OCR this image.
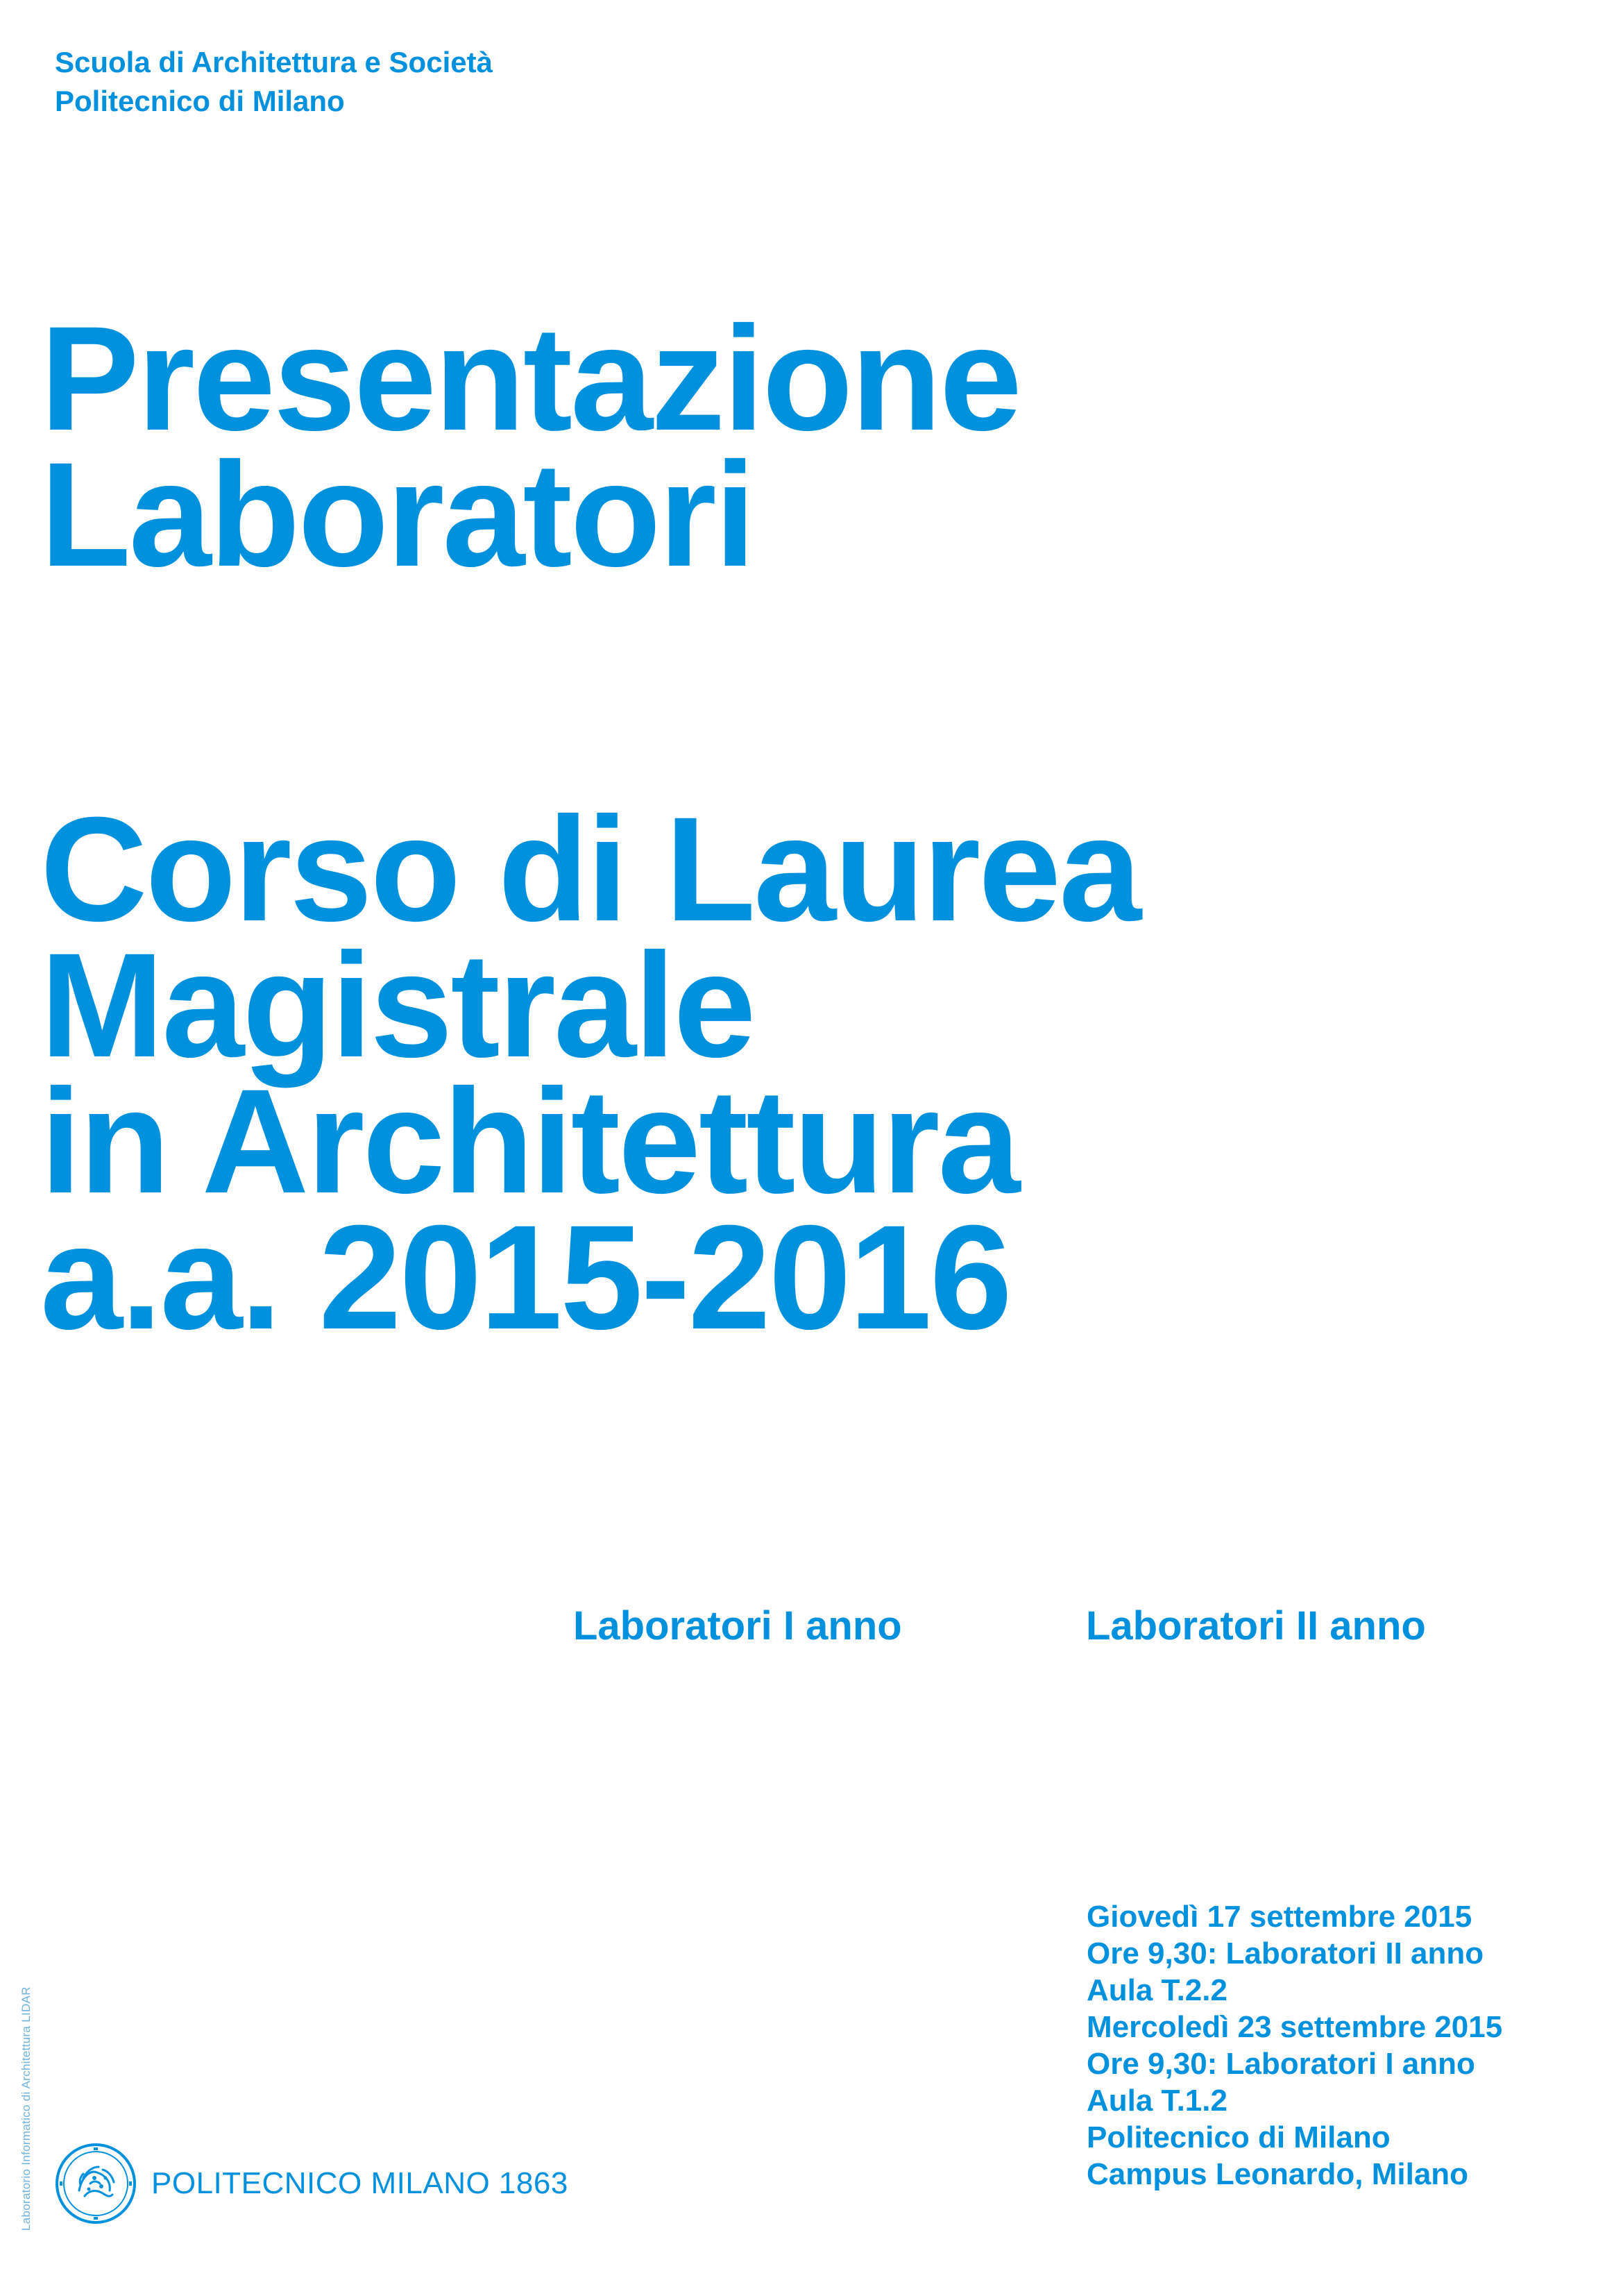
Scuola di Architettura e Società
Politecnico di Milano
Presentazione
Laboratori
Corso di Laurea
Magistrale
in Architettura
a.a. 2015-2016
Laboratori I anno	Laboratori II anno
Giovedì 17 settembre 2015
Ore 9,30: Laboratori II anno
Aula T.2.2
Mercoledì 23 settembre 2015
Ore 9,30: Laboratori I anno
Aula T.1.2
Politecnico di Milano
Campus Leonardo, Milano
Laboratorio Informatico di Architettura LIDAR	POLITECNICO MILANO 1863
